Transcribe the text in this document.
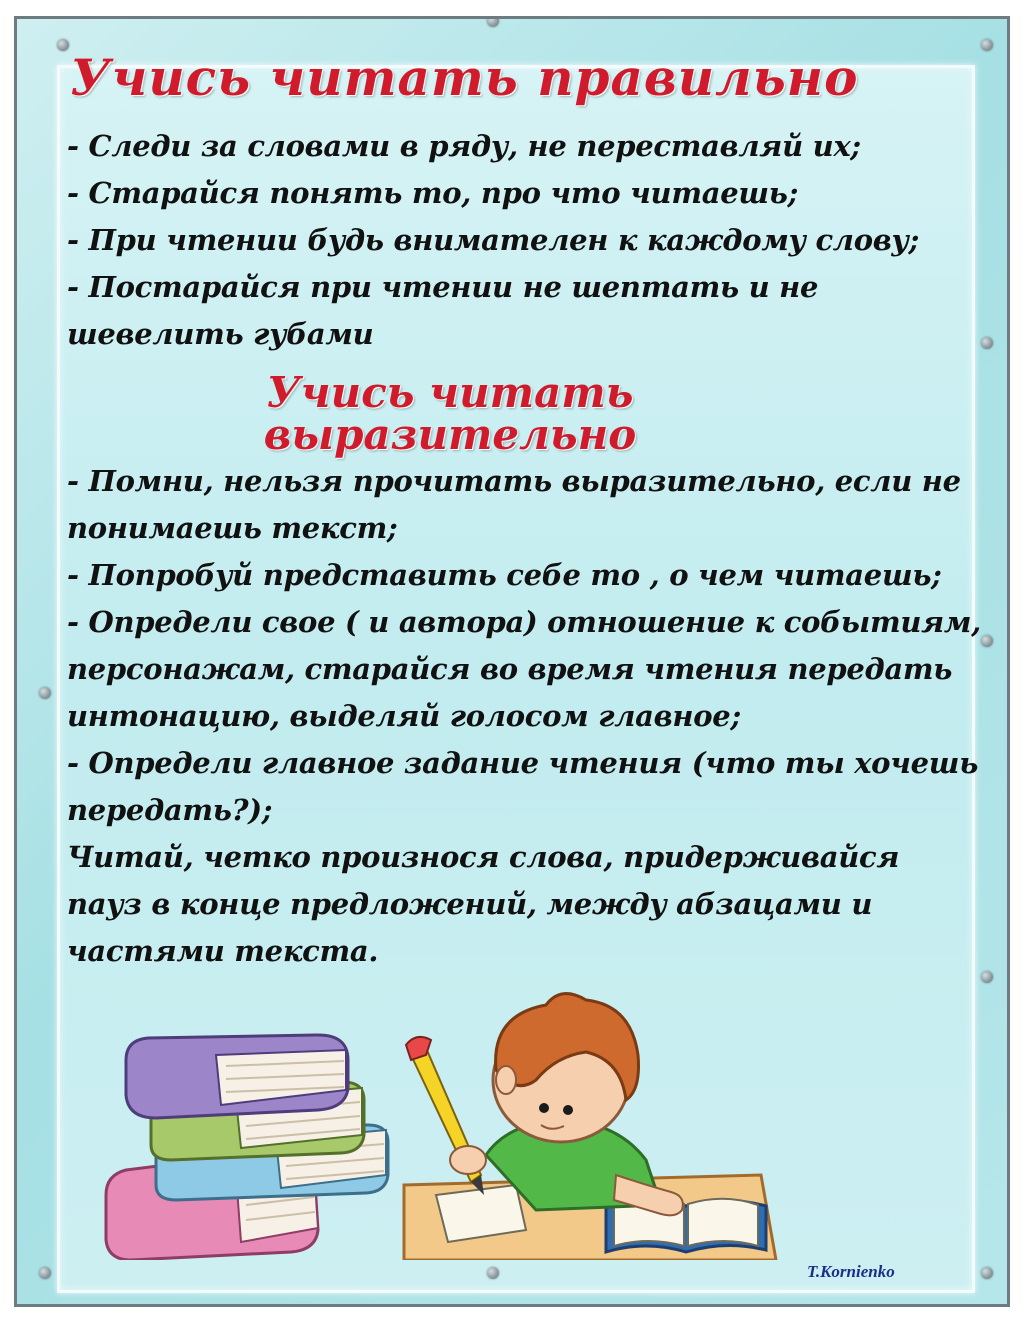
Учись читать правильно
- Следи за словами в ряду, не переставляй их;
- Старайся понять то, про что читаешь;
- При чтении будь внимателен к каждому слову;
- Постарайся при чтении не шептать и не шевелить губами
Учись читать выразительно
- Помни, нельзя прочитать выразительно, если не понимаешь текст;
- Попробуй представить себе то , о чем читаешь;
- Определи свое ( и автора) отношение к событиям, персонажам, старайся во время чтения передать интонацию, выделяй голосом главное;
- Определи главное задание чтения (что ты хочешь передать?);
Читай, четко произнося слова, придерживайся пауз в конце предложений, между абзацами и частями текста.
T.Kornienko
